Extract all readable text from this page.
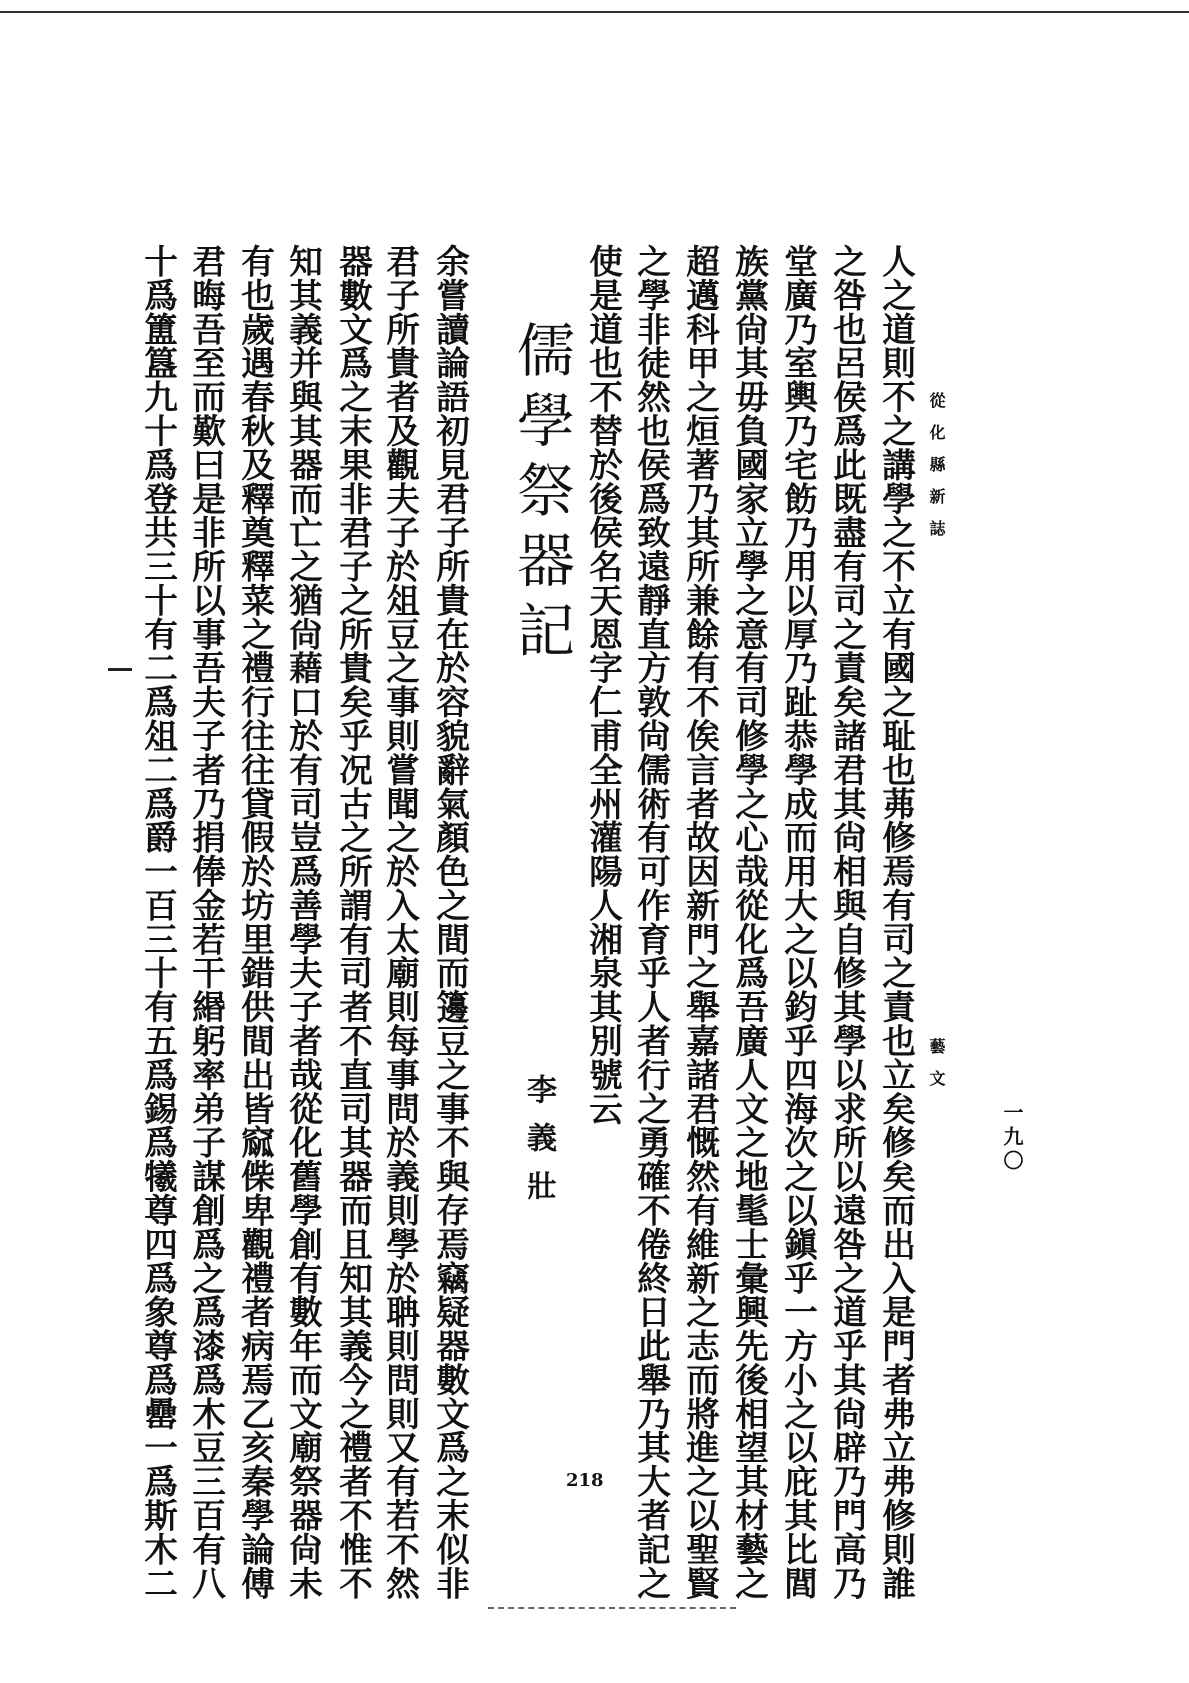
從化縣新誌
藝文
一九〇
人之道則不之講學之不立有國之耻也茀修焉有司之責也立矣修矣而出入是門者弗立弗修則誰
之咎也呂侯爲此既盡有司之責矣諸君其尙相與自修其學以求所以遠咎之道乎其尙辟乃門高乃
堂廣乃室輿乃宅飭乃用以厚乃趾恭學成而用大之以鈞乎四海次之以鎭乎一方小之以庇其比閭
族黨尙其毋負國家立學之意有司修學之心哉從化爲吾廣人文之地髦士彙興先後相望其材藝之
超邁科甲之烜著乃其所兼餘有不俟言者故因新門之舉嘉諸君慨然有維新之志而將進之以聖賢
之學非徒然也侯爲致遠靜直方敦尙儒術有可作育乎人者行之勇確不倦終日此舉乃其大者記之
使是道也不替於後侯名天恩字仁甫全州灌陽人湘泉其別號云
儒學祭器記
李義壯
余嘗讀論語初見君子所貴在於容貌辭氣顏色之間而籩豆之事不與存焉竊疑器數文爲之末似非
君子所貴者及觀夫子於俎豆之事則嘗聞之於入太廟則每事問於義則學於聃則問則又有若不然
器數文爲之末果非君子之所貴矣乎况古之所謂有司者不直司其器而且知其義今之禮者不惟不
知其義并與其器而亡之猶尙藉口於有司豈爲善學夫子者哉從化舊學創有數年而文廟祭器尙未
有也歲遇春秋及釋奠釋菜之禮行往往貸假於坊里錯供間出皆窳偨卑觀禮者病焉乙亥秦學論傅
君晦吾至而歎曰是非所以事吾夫子者乃捐俸金若干緡躬率弟子謀創爲之爲漆爲木豆三百有八
十爲簠簋九十爲登共三十有二爲俎二爲爵一百三十有五爲錫爲犧尊四爲象尊爲罍一爲斯木二	218
